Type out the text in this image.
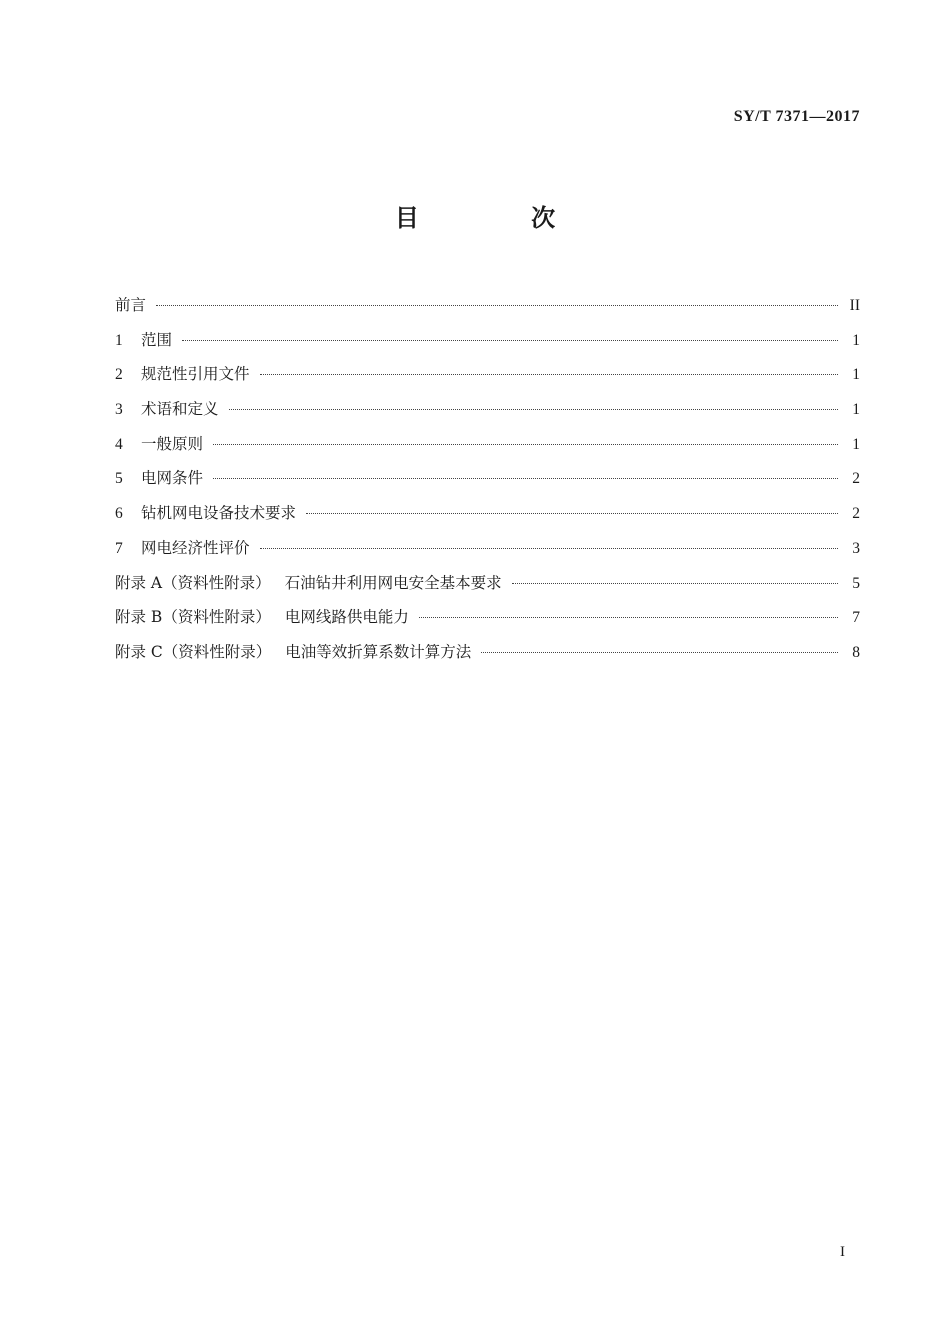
SY/T 7371—2017
目 次
前言	II
1	范围	1
2	规范性引用文件	1
3	术语和定义	1
4	一般原则	1
5	电网条件	2
6	钻机网电设备技术要求	2
7	网电经济性评价	3
附录 A（资料性附录） 石油钻井利用网电安全基本要求	5
附录 B（资料性附录） 电网线路供电能力	7
附录 C（资料性附录） 电油等效折算系数计算方法	8
I
